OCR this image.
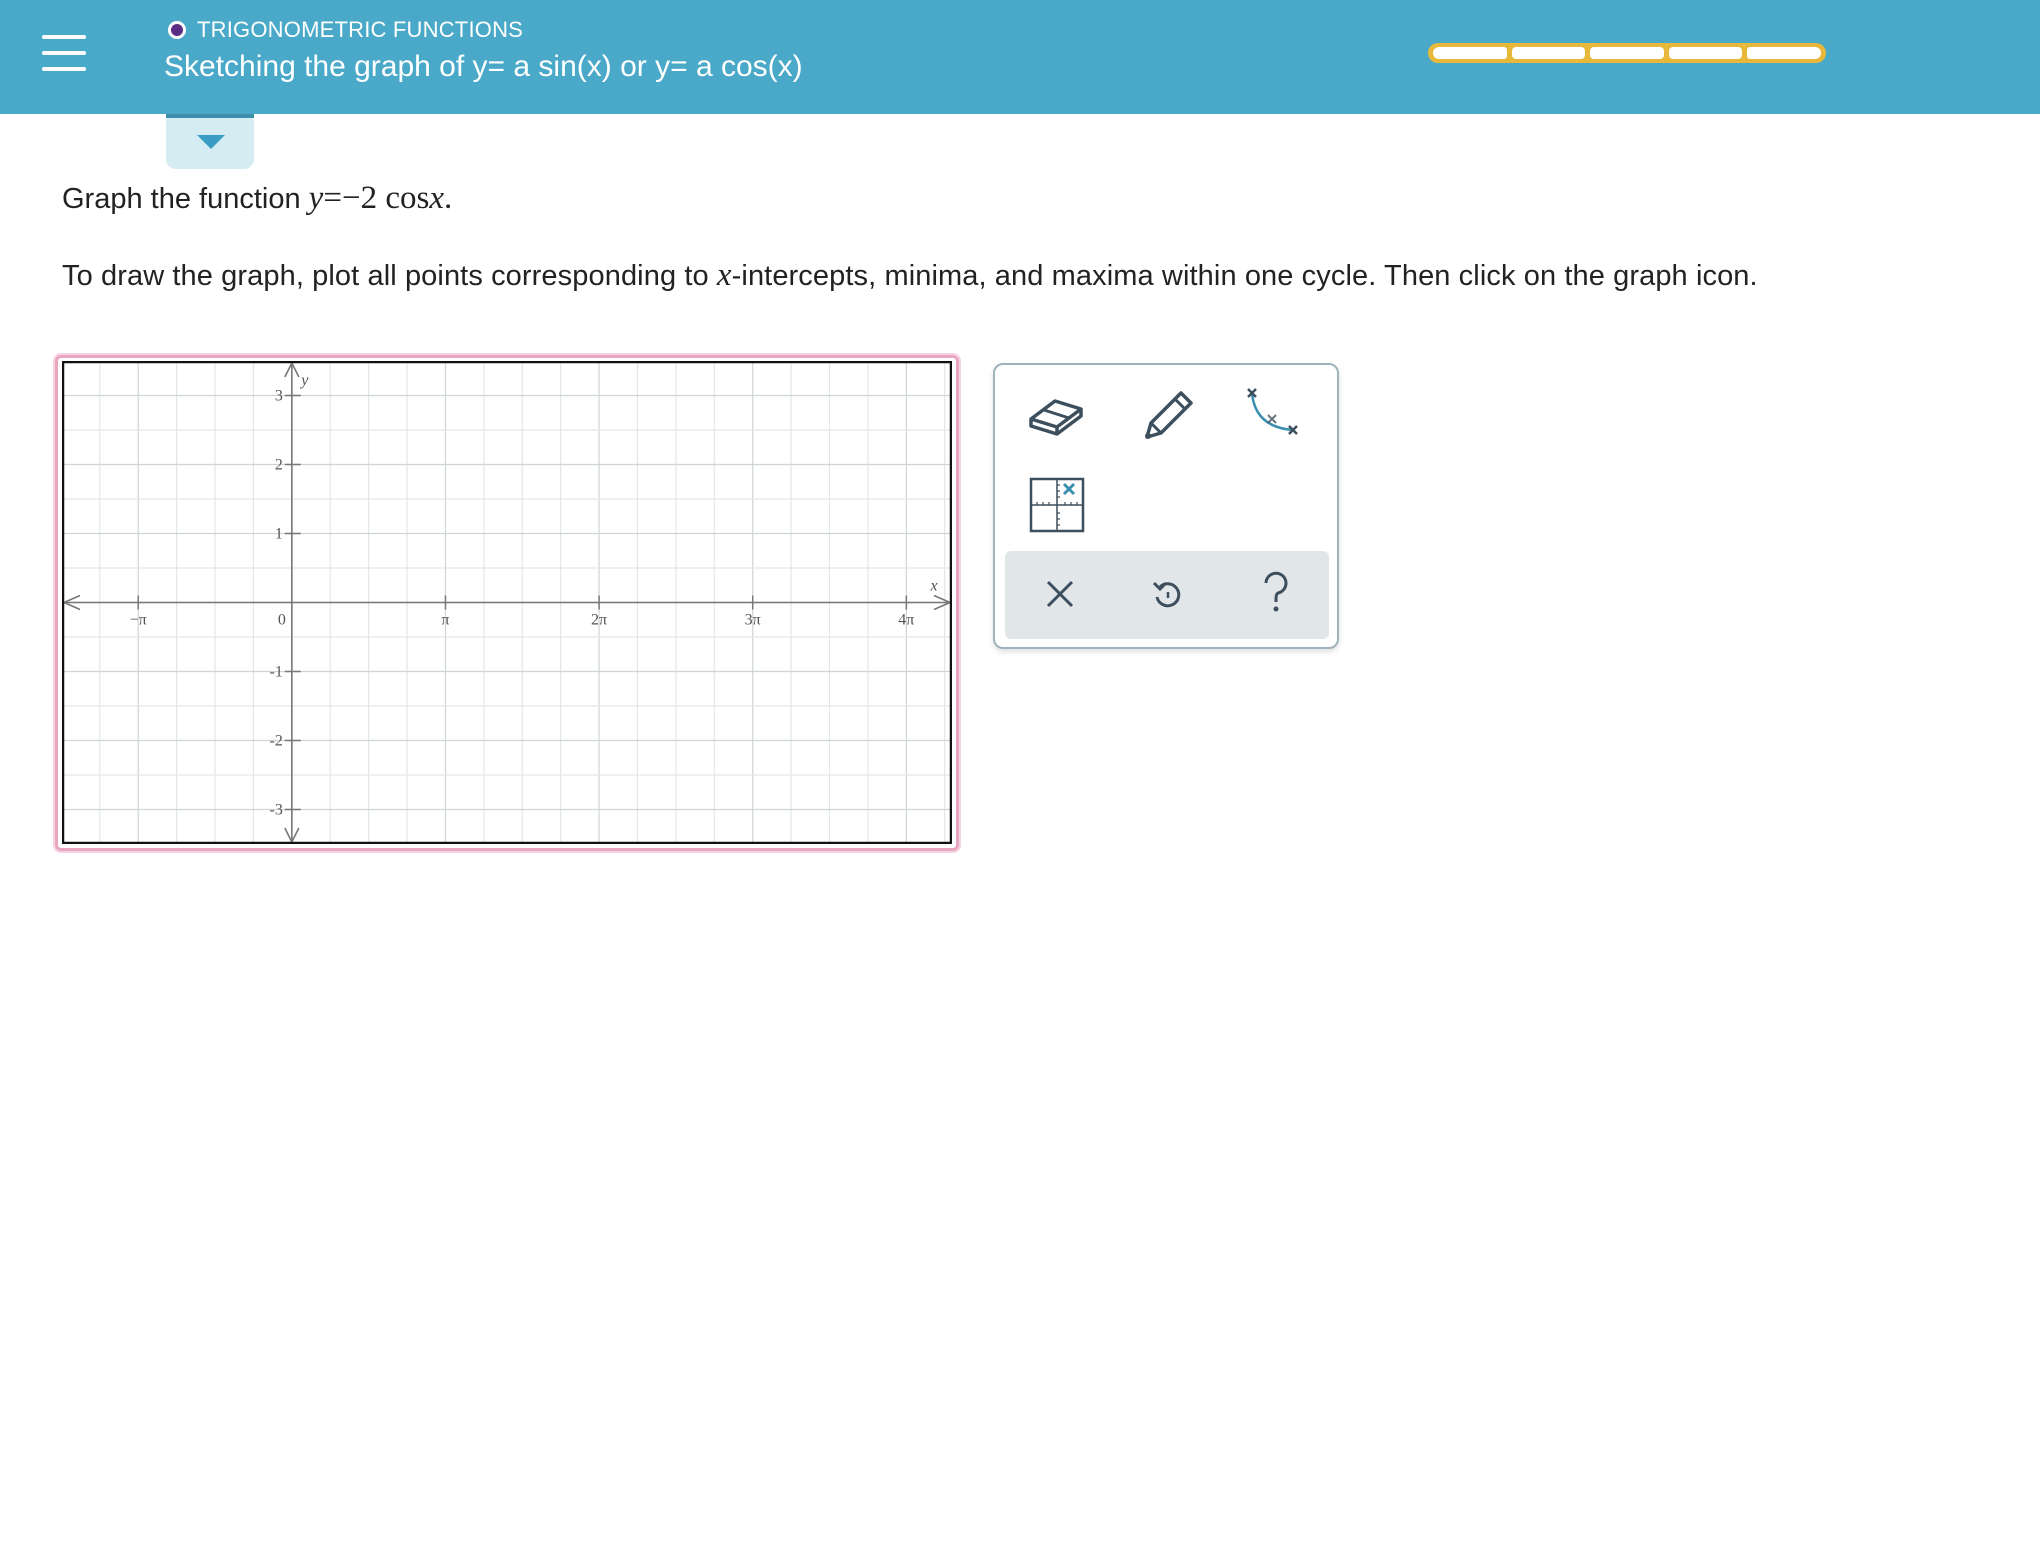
TRIGONOMETRIC FUNCTIONS
Sketching the graph of y= a sin(x) or y= a cos(x)
Graph the function y=−2 cosx.
To draw the graph, plot all points corresponding to x-intercepts, minima, and maxima within one cycle. Then click on the graph icon.
−π	0	π	2π	3π	4π
3
2
1
-1
-2
-3
x
y
